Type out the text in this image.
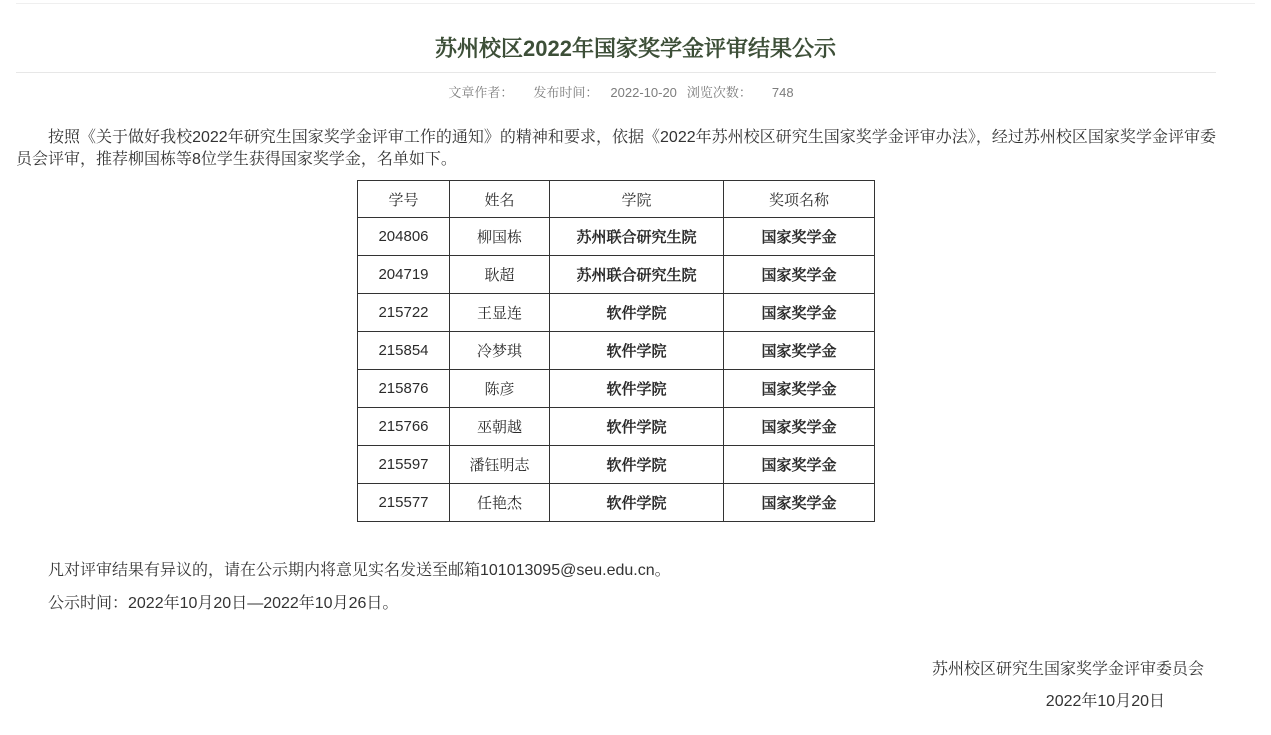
苏州校区2022年国家奖学金评审结果公示
文章作者： 发布时间： 2022-10-20 浏览次数： 748

按照《关于做好我校2022年研究生国家奖学金评审工作的通知》的精神和要求，依据《2022年苏州校区研究生国家奖学金评审办法》，经过苏州校区国家奖学金评审委员会评审，推荐柳国栋等8位学生获得国家奖学金，名单如下。

学号	姓名	学院	奖项名称
204806	柳国栋	苏州联合研究生院	国家奖学金
204719	耿超	苏州联合研究生院	国家奖学金
215722	王显连	软件学院	国家奖学金
215854	冷梦琪	软件学院	国家奖学金
215876	陈彦	软件学院	国家奖学金
215766	巫朝越	软件学院	国家奖学金
215597	潘钰明志	软件学院	国家奖学金
215577	任艳杰	软件学院	国家奖学金

凡对评审结果有异议的，请在公示期内将意见实名发送至邮箱101013095@seu.edu.cn。

公示时间：2022年10月20日—2022年10月26日。

苏州校区研究生国家奖学金评审委员会
2022年10月20日
